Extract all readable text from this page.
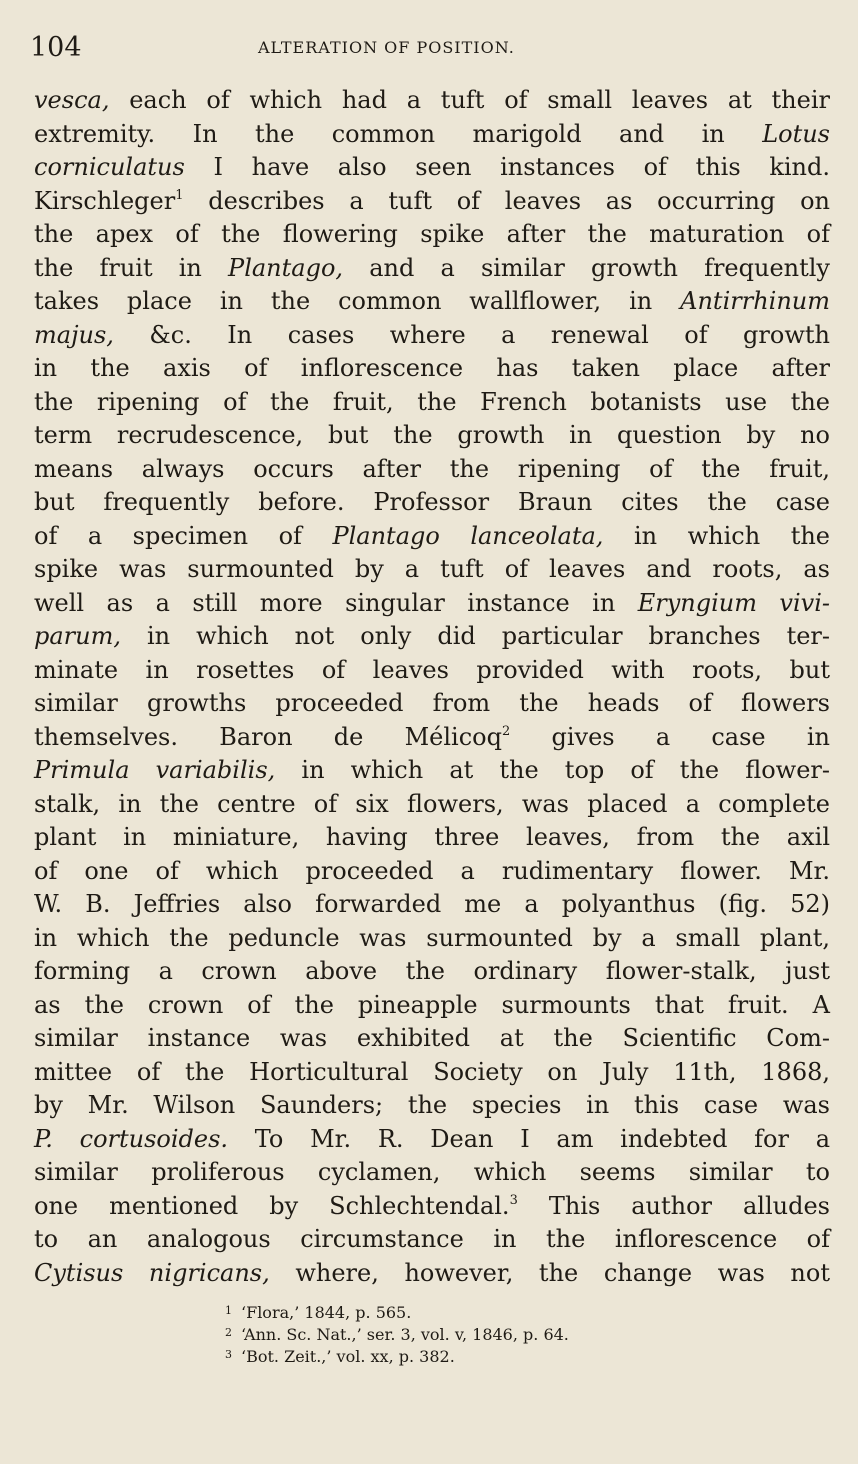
104	ALTERATION OF POSITION.
vesca, each of which had a tuft of small leaves at their
extremity. In the common marigold and in Lotus
corniculatus I have also seen instances of this kind.
Kirschleger$^1$ describes a tuft of leaves as occurring on
the apex of the flowering spike after the maturation of
the fruit in Plantago, and a similar growth frequently
takes place in the common wallflower, in Antirrhinum
majus, &c. In cases where a renewal of growth
in the axis of inflorescence has taken place after
the ripening of the fruit, the French botanists use the
term recrudescence, but the growth in question by no
means always occurs after the ripening of the fruit,
but frequently before. Professor Braun cites the case
of a specimen of Plantago lanceolata, in which the
spike was surmounted by a tuft of leaves and roots, as
well as a still more singular instance in Eryngium vivi-
parum, in which not only did particular branches ter-
minate in rosettes of leaves provided with roots, but
similar growths proceeded from the heads of flowers
themselves. Baron de Mélicoq$^2$ gives a case in
Primula variabilis, in which at the top of the flower-
stalk, in the centre of six flowers, was placed a complete
plant in miniature, having three leaves, from the axil
of one of which proceeded a rudimentary flower. Mr.
W. B. Jeffries also forwarded me a polyanthus (fig. 52)
in which the peduncle was surmounted by a small plant,
forming a crown above the ordinary flower-stalk, just
as the crown of the pineapple surmounts that fruit. A
similar instance was exhibited at the Scientific Com-
mittee of the Horticultural Society on July 11th, 1868,
by Mr. Wilson Saunders; the species in this case was
P. cortusoides. To Mr. R. Dean I am indebted for a
similar proliferous cyclamen, which seems similar to
one mentioned by Schlechtendal.$^3$ This author alludes
to an analogous circumstance in the inflorescence of
Cytisus nigricans, where, however, the change was not
1 ‘Flora,’ 1844, p. 565.
2 ‘Ann. Sc. Nat.,’ ser. 3, vol. v, 1846, p. 64.
3 ‘Bot. Zeit.,’ vol. xx, p. 382.
